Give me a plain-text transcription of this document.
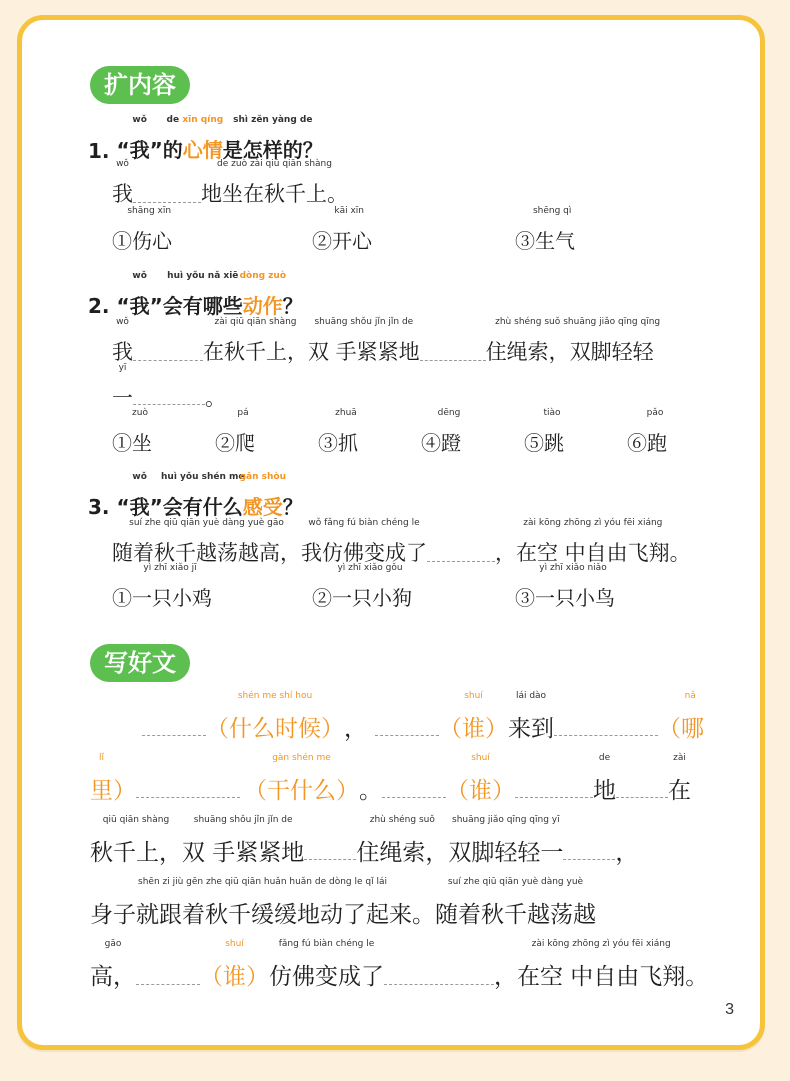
扩内容
1.
wǒ
“我”
de
的
xīn qíng
心情
shì zěn yàng de
是怎样的？
wǒ
我
de zuò zài qiū qiān shàng
地坐在秋千上。
shāng xīn
①伤心
kāi xīn
②开心
shēng qì
③生气
2.
wǒ
“我”
huì yǒu nǎ xiē
会有哪些
dòng zuò
动作？
wǒ
我
zài qiū qiān shàng
在秋千上，
shuāng shǒu jǐn jǐn de
双 手紧紧地
zhù shéng suǒ
住绳索，
shuāng jiǎo qīng qīng
双脚轻轻
yī
一	。
zuò
①坐
pá
②爬
zhuā
③抓
dēng
④蹬
tiào
⑤跳
pǎo
⑥跑
3.
wǒ
“我”
huì yǒu shén me
会有什么
gǎn shòu
感受？
suí zhe qiū qiān yuè dàng yuè gāo
随着秋千越荡越高，
wǒ fǎng fú biàn chéng le
我仿佛变成了
zài kōng zhōng zì yóu fēi xiáng
，在空 中自由飞翔。
yì zhī xiǎo jī
①一只小鸡
yì zhī xiǎo gǒu
②一只小狗
yì zhī xiǎo niǎo
③一只小鸟
写好文
shén me shí hou
（什么时候），
shuí
（谁）
lái dào
来到
nǎ
（哪
lǐ
里）
gàn shén me
（干什么）。
shuí
（谁）
de
地
zài
在
qiū qiān shàng
秋千上，
shuāng shǒu jǐn jǐn de
双 手紧紧地
zhù shéng suǒ
住绳索，
shuāng jiǎo qīng qīng yī
双脚轻轻一 ，
shēn zi jiù gēn zhe qiū qiān huǎn huǎn de dòng le qǐ lái
身子就跟着秋千缓缓地动了起来。
suí zhe qiū qiān yuè dàng yuè
随着秋千越荡越
gāo
高，
shuí
（谁）
fǎng fú biàn chéng le
仿佛变成了
zài kōng zhōng zì yóu fēi xiáng
，在空 中自由飞翔。
3
